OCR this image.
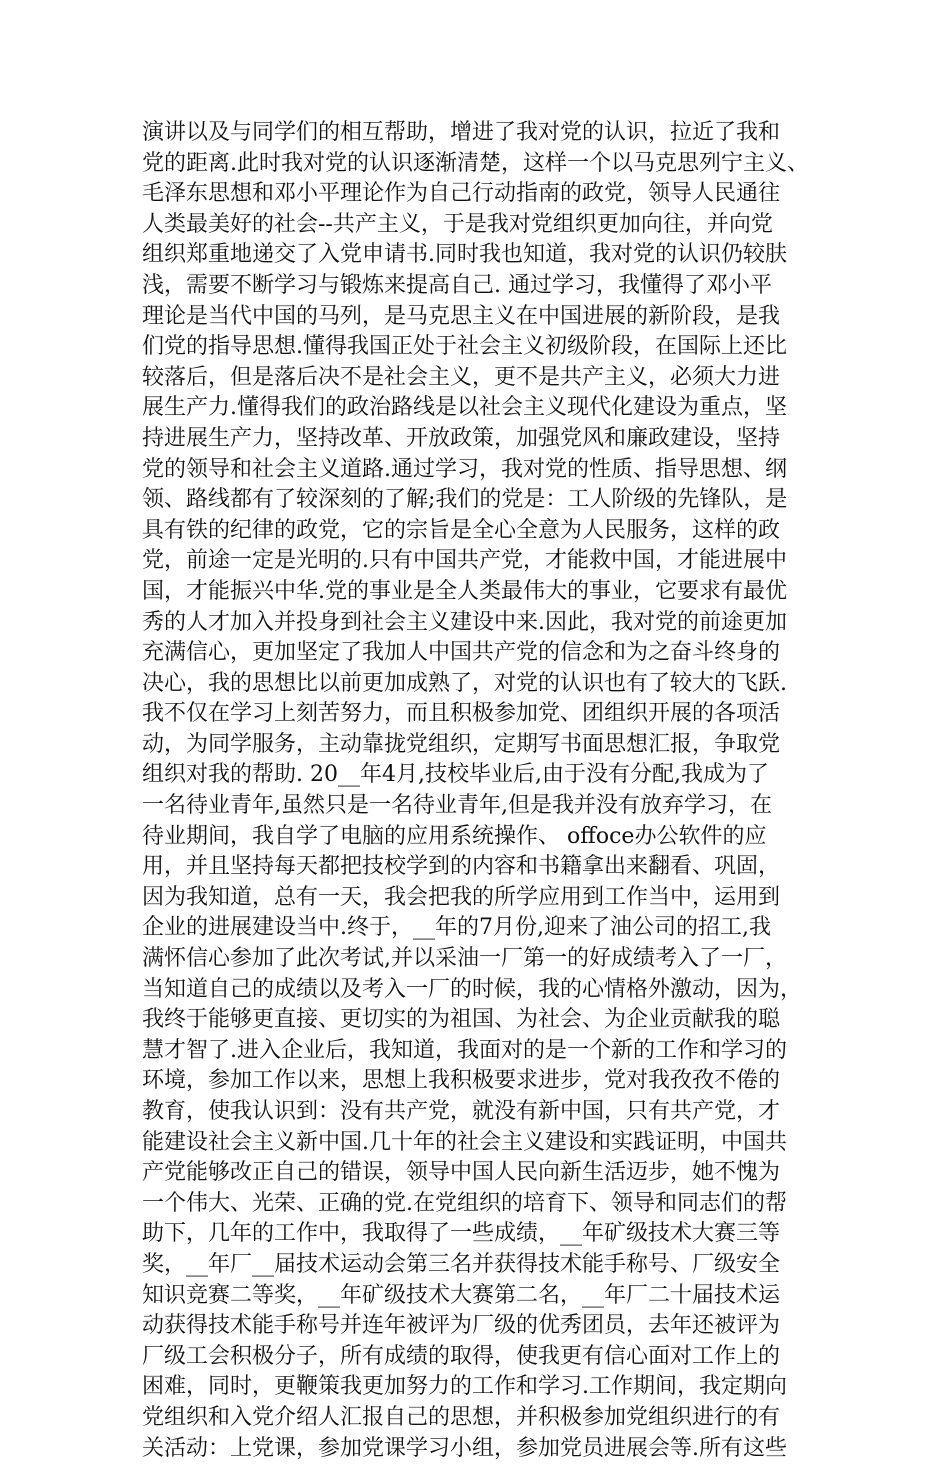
演讲以及与同学们的相互帮助，增进了我对党的认识，拉近了我和
党的距离.此时我对党的认识逐渐清楚，这样一个以马克思列宁主义、
毛泽东思想和邓小平理论作为自己行动指南的政党，领导人民通往
人类最美好的社会--共产主义，于是我对党组织更加向往，并向党
组织郑重地递交了入党申请书.同时我也知道，我对党的认识仍较肤
浅，需要不断学习与锻炼来提高自己. 通过学习，我懂得了邓小平
理论是当代中国的马列，是马克思主义在中国进展的新阶段，是我
们党的指导思想.懂得我国正处于社会主义初级阶段，在国际上还比
较落后，但是落后决不是社会主义，更不是共产主义，必须大力进
展生产力.懂得我们的政治路线是以社会主义现代化建设为重点，坚
持进展生产力，坚持改革、开放政策，加强党风和廉政建设，坚持
党的领导和社会主义道路.通过学习，我对党的性质、指导思想、纲
领、路线都有了较深刻的了解;我们的党是：工人阶级的先锋队，是
具有铁的纪律的政党，它的宗旨是全心全意为人民服务，这样的政
党，前途一定是光明的.只有中国共产党，才能救中国，才能进展中
国，才能振兴中华.党的事业是全人类最伟大的事业，它要求有最优
秀的人才加入并投身到社会主义建设中来.因此，我对党的前途更加
充满信心，更加坚定了我加人中国共产党的信念和为之奋斗终身的
决心，我的思想比以前更加成熟了，对党的认识也有了较大的飞跃.
我不仅在学习上刻苦努力，而且积极参加党、团组织开展的各项活
动，为同学服务，主动靠拢党组织，定期写书面思想汇报，争取党
组织对我的帮助. 20__年4月,技校毕业后,由于没有分配,我成为了
一名待业青年,虽然只是一名待业青年,但是我并没有放弃学习，在
待业期间，我自学了电脑的应用系统操作、 offoce办公软件的应
用，并且坚持每天都把技校学到的内容和书籍拿出来翻看、巩固，
因为我知道，总有一天，我会把我的所学应用到工作当中，运用到
企业的进展建设当中.终于，__年的7月份,迎来了油公司的招工,我
满怀信心参加了此次考试,并以采油一厂第一的好成绩考入了一厂，
当知道自己的成绩以及考入一厂的时候，我的心情格外激动，因为，
我终于能够更直接、更切实的为祖国、为社会、为企业贡献我的聪
慧才智了.进入企业后，我知道，我面对的是一个新的工作和学习的
环境，参加工作以来，思想上我积极要求进步，党对我孜孜不倦的
教育，使我认识到：没有共产党，就没有新中国，只有共产党，才
能建设社会主义新中国.几十年的社会主义建设和实践证明，中国共
产党能够改正自己的错误，领导中国人民向新生活迈步，她不愧为
一个伟大、光荣、正确的党.在党组织的培育下、领导和同志们的帮
助下，几年的工作中，我取得了一些成绩，__年矿级技术大赛三等
奖，__年厂__届技术运动会第三名并获得技术能手称号、厂级安全
知识竞赛二等奖，__年矿级技术大赛第二名，__年厂二十届技术运
动获得技术能手称号并连年被评为厂级的优秀团员，去年还被评为
厂级工会积极分子，所有成绩的取得，使我更有信心面对工作上的
困难，同时，更鞭策我更加努力的工作和学习.工作期间，我定期向
党组织和入党介绍人汇报自己的思想，并积极参加党组织进行的有
关活动：上党课，参加党课学习小组，参加党员进展会等.所有这些
